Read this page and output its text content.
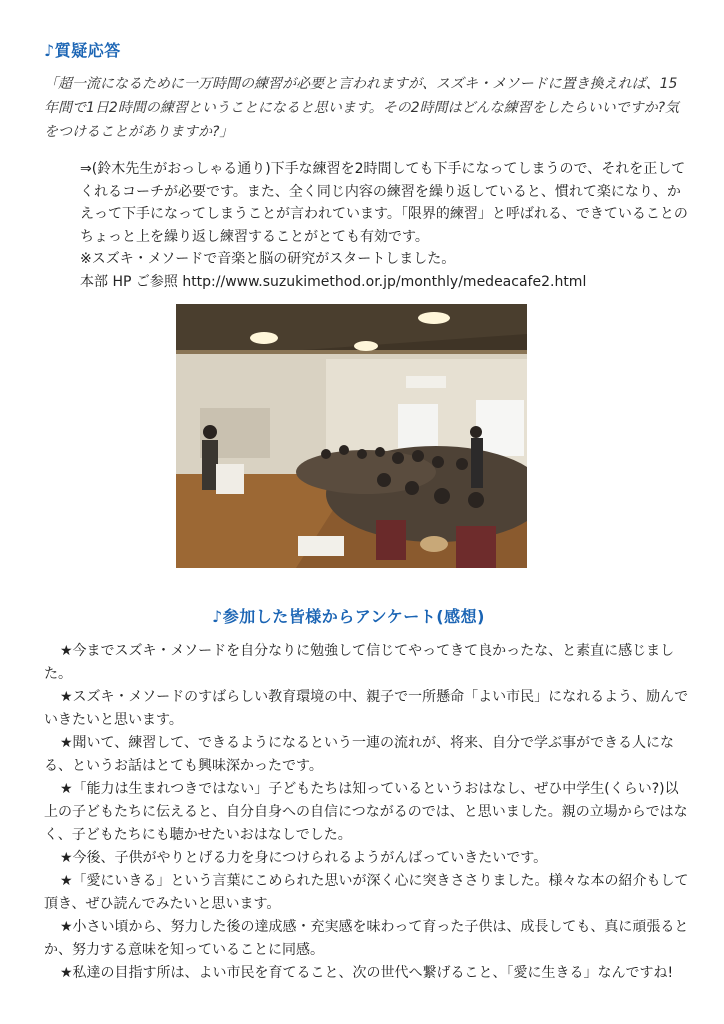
♪質疑応答
「超一流になるために一万時間の練習が必要と言われますが、スズキ・メソードに置き換えれば、15年間で1日2時間の練習ということになると思います。その2時間はどんな練習をしたらいいですか?気をつけることがありますか?」

⇒(鈴木先生がおっしゃる通り)下手な練習を2時間しても下手になってしまうので、それを正してくれるコーチが必要です。また、全く同じ内容の練習を繰り返していると、慣れて楽になり、かえって下手になってしまうことが言われています。「限界的練習」と呼ばれる、できていることのちょっと上を繰り返し練習することがとても有効です。

※スズキ・メソードで音楽と脳の研究がスタートしました。

本部 HP ご参照 http://www.suzukimethod.or.jp/monthly/medeacafe2.html

♪参加した皆様からアンケート(感想)

★今までスズキ・メソードを自分なりに勉強して信じてやってきて良かったな、と素直に感じました。

★スズキ・メソードのすばらしい教育環境の中、親子で一所懸命「よい市民」になれるよう、励んでいきたいと思います。

★聞いて、練習して、できるようになるという一連の流れが、将来、自分で学ぶ事ができる人になる、というお話はとても興味深かったです。

★「能力は生まれつきではない」子どもたちは知っているというおはなし、ぜひ中学生(くらい?)以上の子どもたちに伝えると、自分自身への自信につながるのでは、と思いました。親の立場からではなく、子どもたちにも聴かせたいおはなしでした。

★今後、子供がやりとげる力を身につけられるようがんばっていきたいです。

★「愛にいきる」という言葉にこめられた思いが深く心に突きささりました。様々な本の紹介もして頂き、ぜひ読んでみたいと思います。

★小さい頃から、努力した後の達成感・充実感を味わって育った子供は、成長しても、真に頑張るとか、努力する意味を知っていることに同感。

★私達の目指す所は、よい市民を育てること、次の世代へ繋げること、「愛に生きる」なんですね!
